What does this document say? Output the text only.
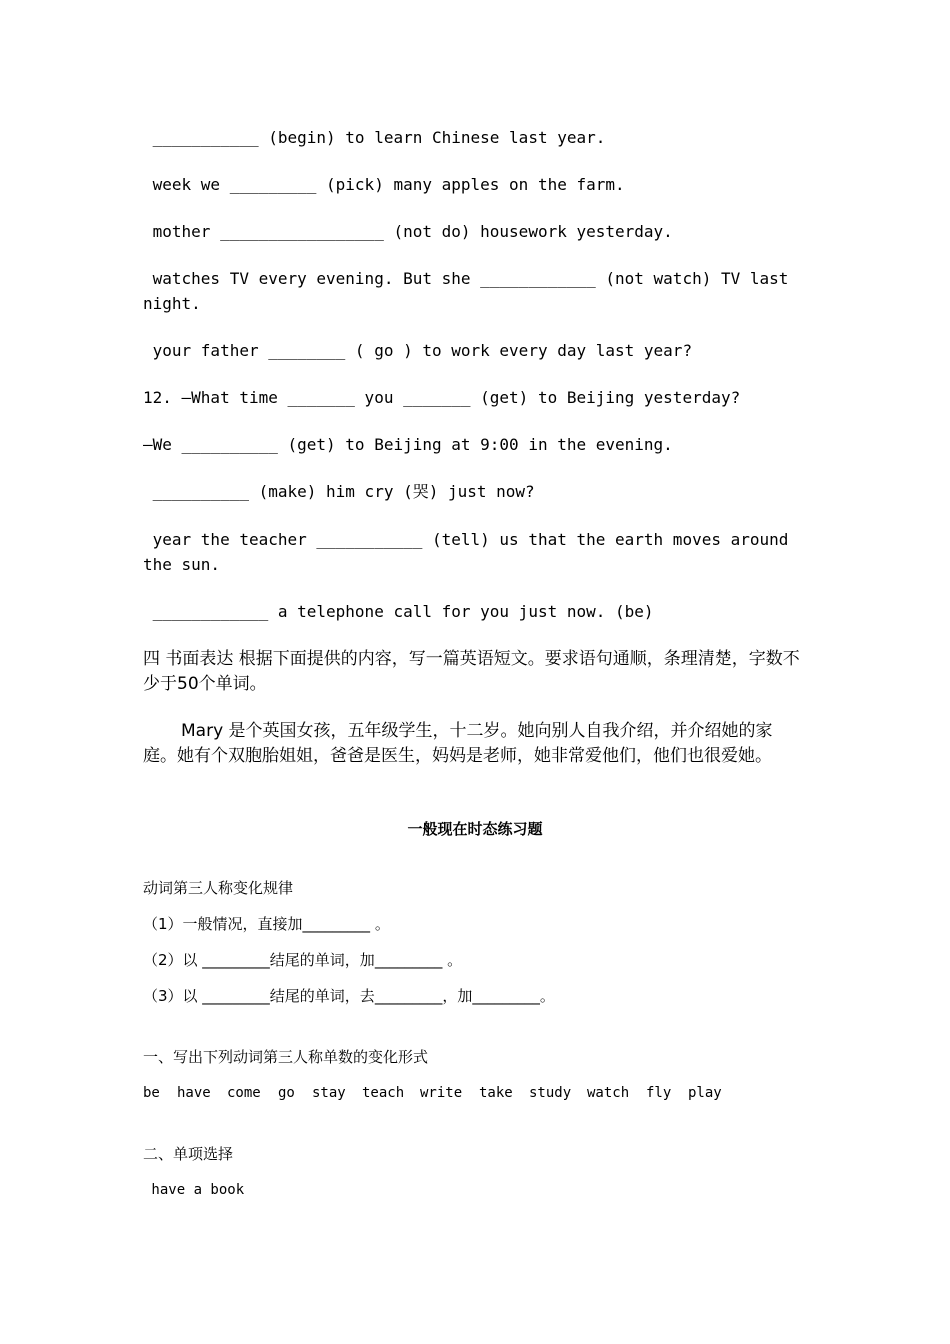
___________ (begin) to learn Chinese last year.
week we _________ (pick) many apples on the farm.
mother _________________ (not do) housework yesterday.
watches TV every evening. But she ____________ (not watch) TV last
night.
your father ________ ( go ) to work every day last year?
12. —What time _______ you _______ (get) to Beijing yesterday?
—We __________ (get) to Beijing at 9:00 in the evening.
__________ (make) him cry (哭) just now?
year the teacher ___________ (tell) us that the earth moves around
the sun.
____________ a telephone call for you just now. (be)
四 书面表达 根据下面提供的内容，写一篇英语短文。要求语句通顺，条理清楚，字数不少于50个单词。
Mary 是个英国女孩，五年级学生，十二岁。她向别人自我介绍，并介绍她的家庭。她有个双胞胎姐姐，爸爸是医生，妈妈是老师，她非常爱他们，他们也很爱她。
一般现在时态练习题
动词第三人称变化规律
（1）一般情况，直接加_________ 。
（2）以 _________结尾的单词，加_________ 。
（3）以 _________结尾的单词，去_________，加_________。
一、写出下列动词第三人称单数的变化形式
be have come go stay teach write take study watch fly play
二、单项选择
have a book
